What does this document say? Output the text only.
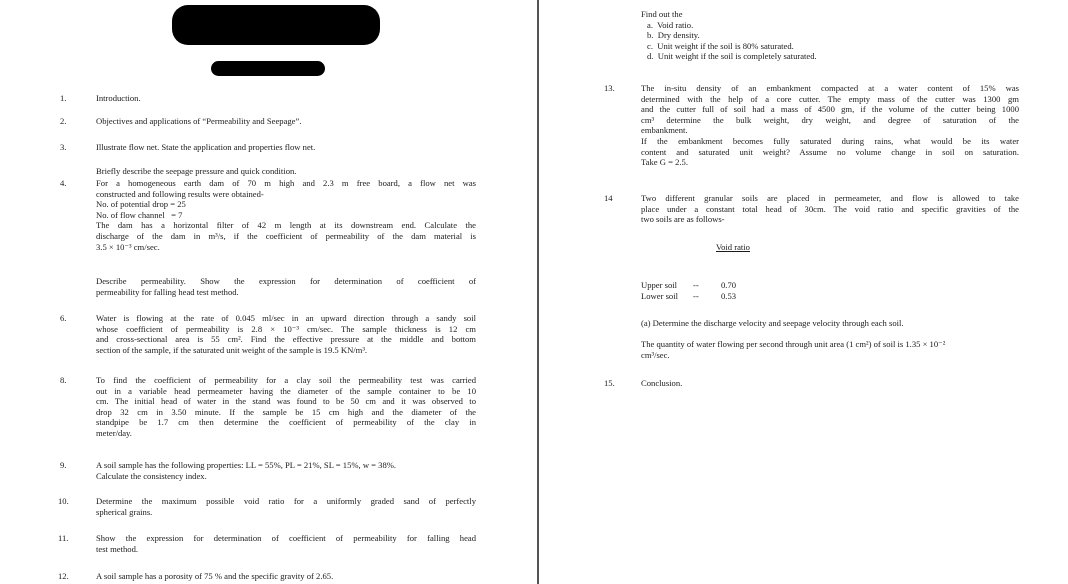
1.	Introduction.
2.	Objectives and applications of “Permeability and Seepage”.
3.	Illustrate flow net. State the application and properties flow net.
Briefly describe the seepage pressure and quick condition.
4.	For a homogeneous earth dam of 70 m high and 2.3 m free board, a flow net was
constructed and following results were obtained-
No. of potential drop = 25
No. of flow channel   = 7
The dam has a horizontal filter of 42 m length at its downstream end. Calculate the
discharge of the dam in m³/s, if the coefficient of permeability of the dam material is
3.5 × 10⁻³ cm/sec.
Describe permeability. Show the expression for determination of coefficient of
permeability for falling head test method.
6.	Water is flowing at the rate of 0.045 ml/sec in an upward direction through a sandy soil
whose coefficient of permeability is 2.8 × 10⁻³ cm/sec. The sample thickness is 12 cm
and cross-sectional area is 55 cm². Find the effective pressure at the middle and bottom
section of the sample, if the saturated unit weight of the sample is 19.5 KN/m³.
8.	To find the coefficient of permeability for a clay soil the permeability test was carried
out in a variable head permeameter having the diameter of the sample container to be 10
cm. The initial head of water in the stand was found to be 50 cm and it was observed to
drop 32 cm in 3.50 minute. If the sample be 15 cm high and the diameter of the
standpipe be 1.7 cm then determine the coefficient of permeability of the clay in
meter/day.
9.	A soil sample has the following properties: LL = 55%, PL = 21%, SL = 15%, w = 38%.
Calculate the consistency index.
10.	Determine the maximum possible void ratio for a uniformly graded sand of perfectly
spherical grains.
11.	Show the expression for determination of coefficient of permeability for falling head
test method.
12.	A soil sample has a porosity of 75 % and the specific gravity of 2.65.
Find out the
a.  Void ratio.
b.  Dry density.
c.  Unit weight if the soil is 80% saturated.
d.  Unit weight if the soil is completely saturated.
13.	The in-situ density of an embankment compacted at a water content of 15% was
determined with the help of a core cutter. The empty mass of the cutter was 1300 gm
and the cutter full of soil had a mass of 4500 gm, if the volume of the cutter being 1000
cm³ determine the bulk weight, dry weight, and degree of saturation of the
embankment.
If the embankment becomes fully saturated during rains, what would be its water
content and saturated unit weight? Assume no volume change in soil on saturation.
Take G = 2.5.
14	Two different granular soils are placed in permeameter, and flow is allowed to take
place under a constant total head of 30cm. The void ratio and specific gravities of the
two soils are as follows-
Void ratio
Upper soil	--	0.70
Lower soil	--	0.53
(a) Determine the discharge velocity and seepage velocity through each soil.
The quantity of water flowing per second through unit area (1 cm²) of soil is 1.35 × 10⁻²
cm³/sec.
15.	Conclusion.
